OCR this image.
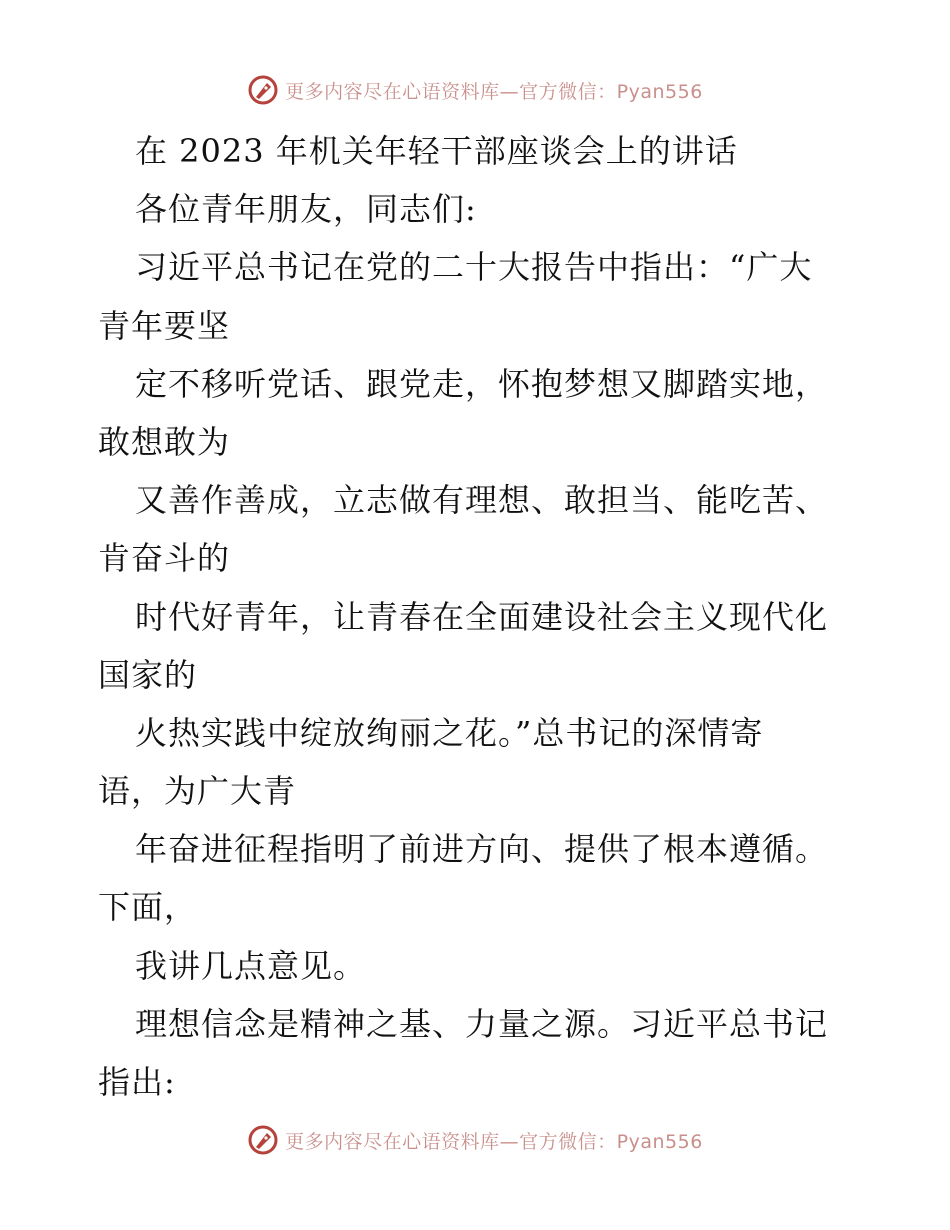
更多内容尽在心语资料库—官方微信：Pyan556
在 2023 年机关年轻干部座谈会上的讲话
各位青年朋友，同志们:
习近平总书记在党的二十大报告中指出：“广大
青年要坚
定不移听党话、跟党走，怀抱梦想又脚踏实地，
敢想敢为
又善作善成，立志做有理想、敢担当、能吃苦、
肯奋斗的
时代好青年，让青春在全面建设社会主义现代化
国家的
火热实践中绽放绚丽之花。”总书记的深情寄
语，为广大青
年奋进征程指明了前进方向、提供了根本遵循。
下面，
我讲几点意见。
理想信念是精神之基、力量之源。习近平总书记
指出:
更多内容尽在心语资料库—官方微信：Pyan556
